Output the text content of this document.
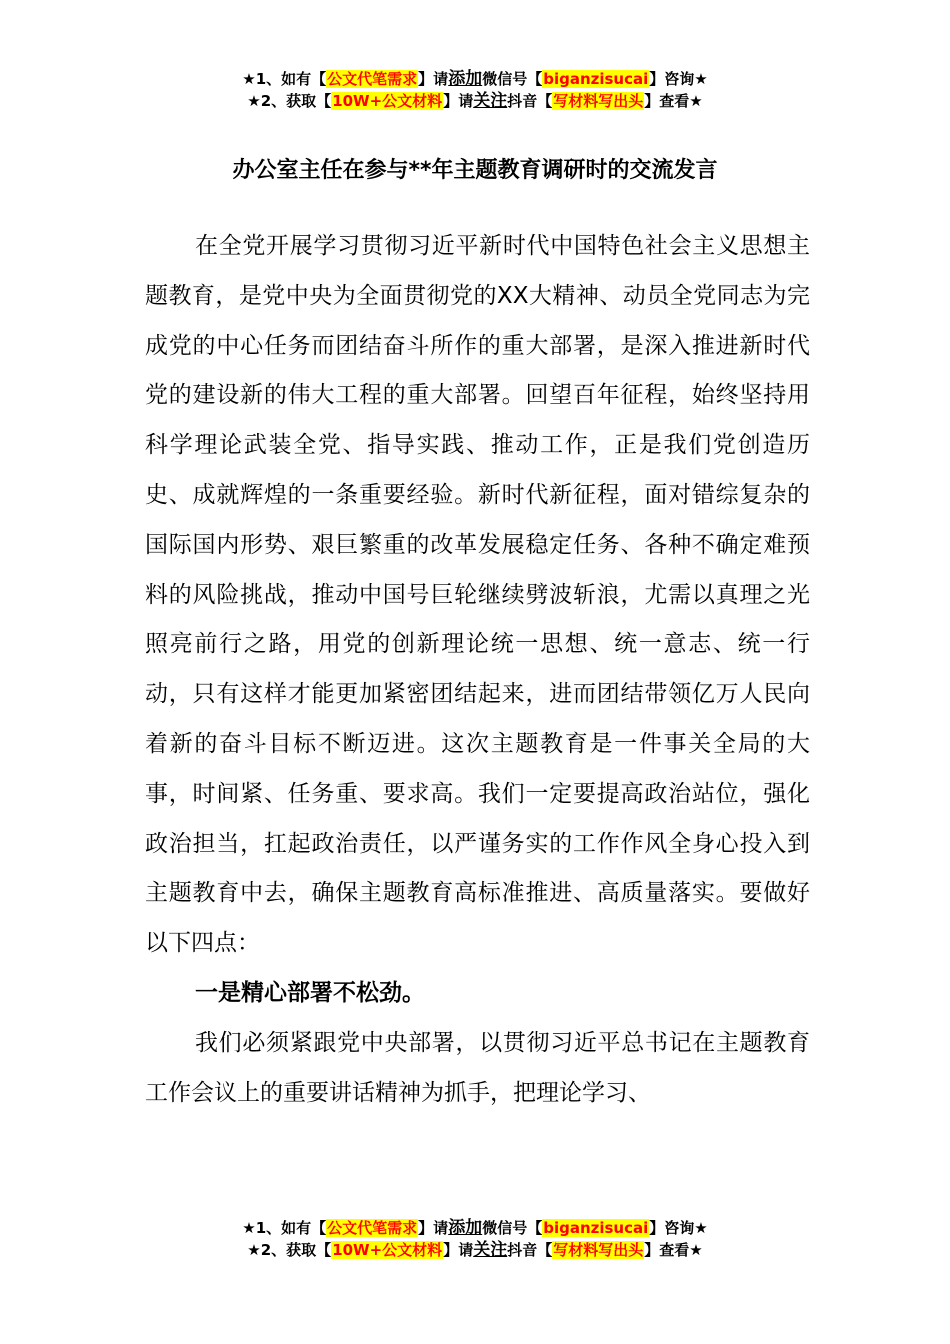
★1、如有【公文代笔需求】请添加微信号【biganzisucai】咨询★
★2、获取【10W+公文材料】请关注抖音【写材料写出头】查看★
办公室主任在参与**年主题教育调研时的交流发言

在全党开展学习贯彻习近平新时代中国特色社会主义思想主题教育，是党中央为全面贯彻党的XX大精神、动员全党同志为完成党的中心任务而团结奋斗所作的重大部署，是深入推进新时代党的建设新的伟大工程的重大部署。回望百年征程，始终坚持用科学理论武装全党、指导实践、推动工作，正是我们党创造历史、成就辉煌的一条重要经验。新时代新征程，面对错综复杂的国际国内形势、艰巨繁重的改革发展稳定任务、各种不确定难预料的风险挑战，推动中国号巨轮继续劈波斩浪，尤需以真理之光照亮前行之路，用党的创新理论统一思想、统一意志、统一行动，只有这样才能更加紧密团结起来，进而团结带领亿万人民向着新的奋斗目标不断迈进。这次主题教育是一件事关全局的大事，时间紧、任务重、要求高。我们一定要提高政治站位，强化政治担当，扛起政治责任，以严谨务实的工作作风全身心投入到主题教育中去，确保主题教育高标准推进、高质量落实。要做好以下四点：

一是精心部署不松劲。

我们必须紧跟党中央部署，以贯彻习近平总书记在主题教育工作会议上的重要讲话精神为抓手，把理论学习、

★1、如有【公文代笔需求】请添加微信号【biganzisucai】咨询★
★2、获取【10W+公文材料】请关注抖音【写材料写出头】查看★
